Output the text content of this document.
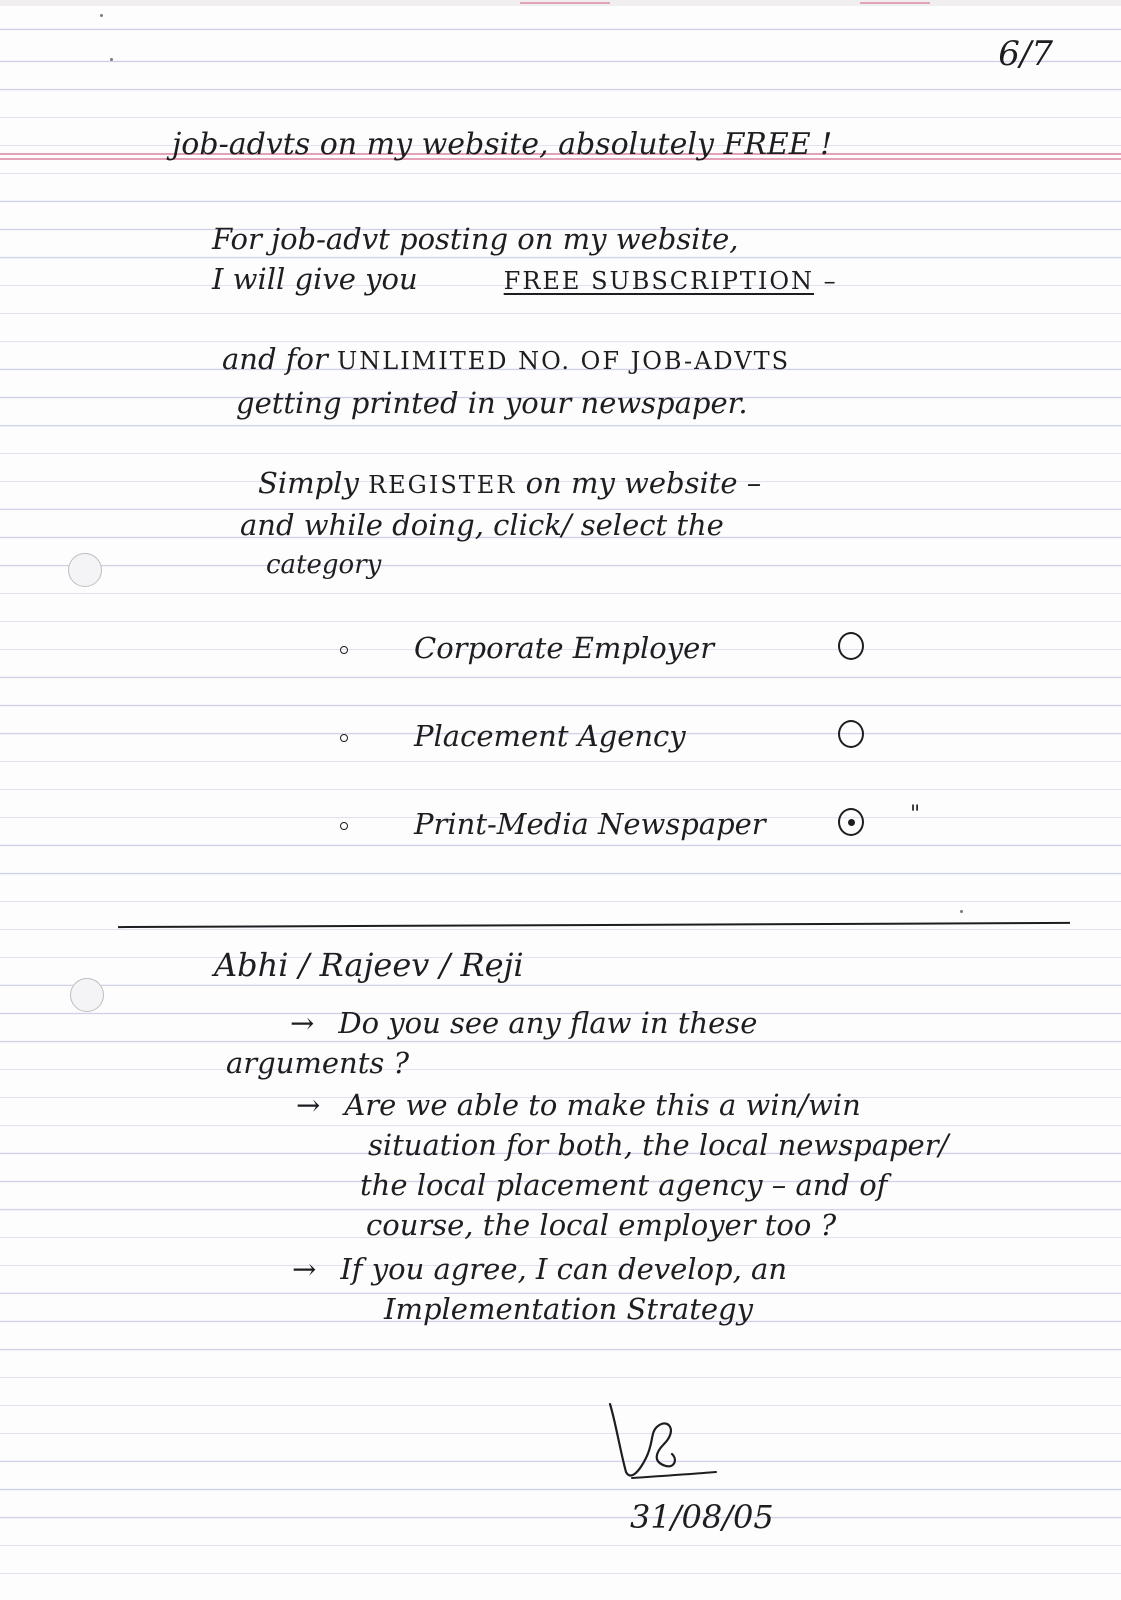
6/7
job-advts on my website, absolutely FREE !
For job-advt posting on my website,
I will give you	FREE SUBSCRIPTION –
and for UNLIMITED NO. OF JOB-ADVTS
getting printed in your newspaper.
Simply REGISTER on my website –
and while doing, click/ select the
category
Corporate Employer
Placement Agency
Print-Media Newspaper	"
Abhi / Rajeev / Reji
→ Do you see any flaw in these
arguments ?
→ Are we able to make this a win/win
situation for both, the local newspaper/
the local placement agency – and of
course, the local employer too ?
→ If you agree, I can develop, an
Implementation Strategy
31/08/05
